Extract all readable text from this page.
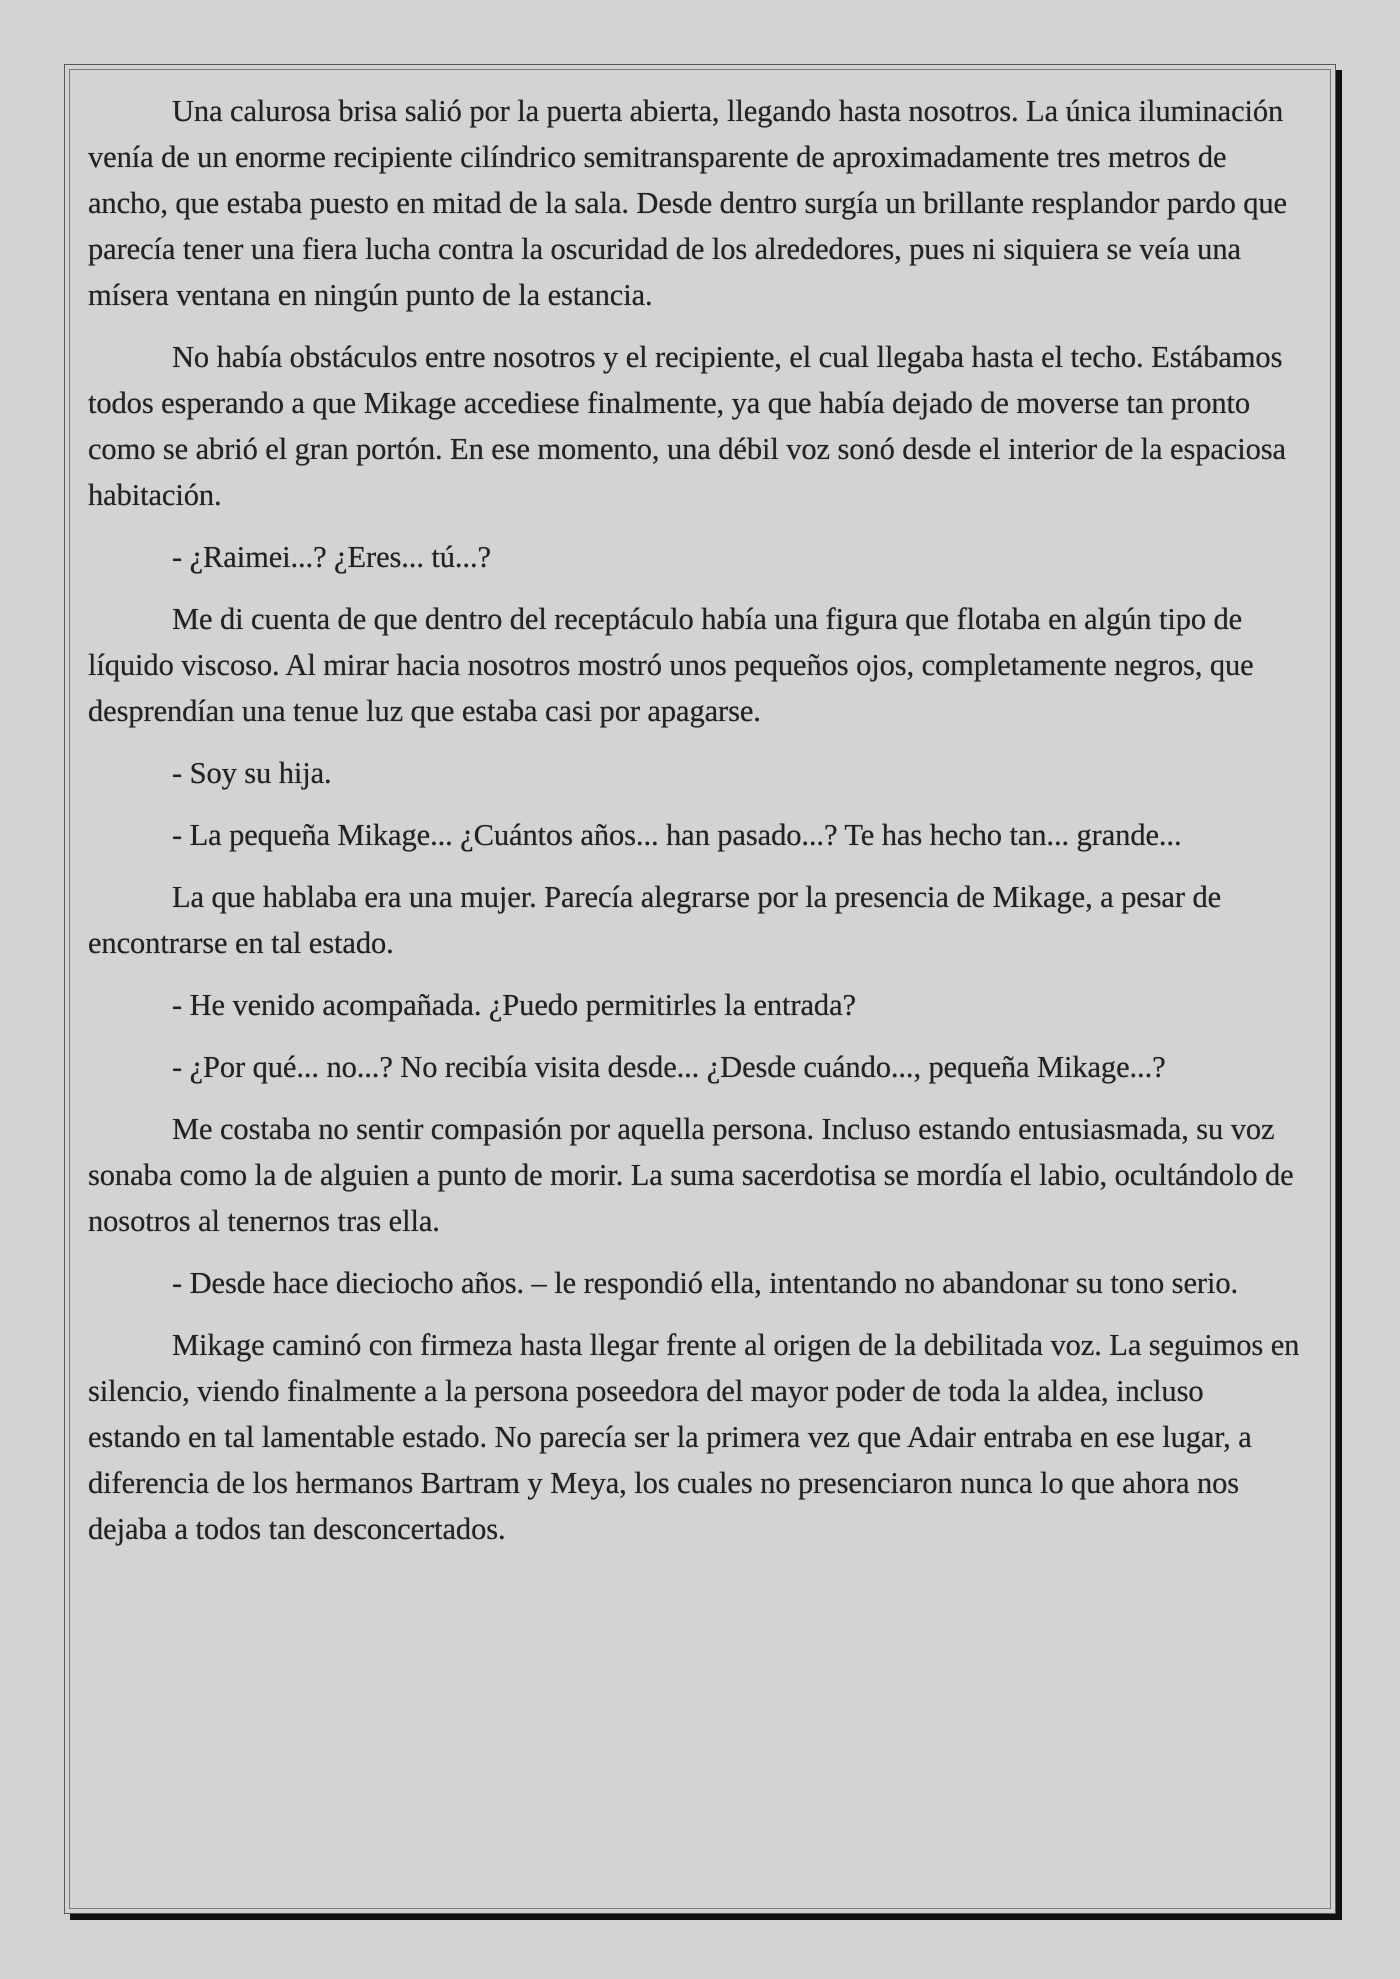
Una calurosa brisa salió por la puerta abierta, llegando hasta nosotros. La única iluminación venía de un enorme recipiente cilíndrico semitransparente de aproximadamente tres metros de ancho, que estaba puesto en mitad de la sala. Desde dentro surgía un brillante resplandor pardo que parecía tener una fiera lucha contra la oscuridad de los alrededores, pues ni siquiera se veía una mísera ventana en ningún punto de la estancia.

No había obstáculos entre nosotros y el recipiente, el cual llegaba hasta el techo. Estábamos todos esperando a que Mikage accediese finalmente, ya que había dejado de moverse tan pronto como se abrió el gran portón. En ese momento, una débil voz sonó desde el interior de la espaciosa habitación.

- ¿Raimei...? ¿Eres... tú...?

Me di cuenta de que dentro del receptáculo había una figura que flotaba en algún tipo de líquido viscoso. Al mirar hacia nosotros mostró unos pequeños ojos, completamente negros, que desprendían una tenue luz que estaba casi por apagarse.

- Soy su hija.

- La pequeña Mikage... ¿Cuántos años... han pasado...? Te has hecho tan... grande...

La que hablaba era una mujer. Parecía alegrarse por la presencia de Mikage, a pesar de encontrarse en tal estado.

- He venido acompañada. ¿Puedo permitirles la entrada?

- ¿Por qué... no...? No recibía visita desde... ¿Desde cuándo..., pequeña Mikage...?

Me costaba no sentir compasión por aquella persona. Incluso estando entusiasmada, su voz sonaba como la de alguien a punto de morir. La suma sacerdotisa se mordía el labio, ocultándolo de nosotros al tenernos tras ella.

- Desde hace dieciocho años. – le respondió ella, intentando no abandonar su tono serio.

Mikage caminó con firmeza hasta llegar frente al origen de la debilitada voz. La seguimos en silencio, viendo finalmente a la persona poseedora del mayor poder de toda la aldea, incluso estando en tal lamentable estado. No parecía ser la primera vez que Adair entraba en ese lugar, a diferencia de los hermanos Bartram y Meya, los cuales no presenciaron nunca lo que ahora nos dejaba a todos tan desconcertados.
